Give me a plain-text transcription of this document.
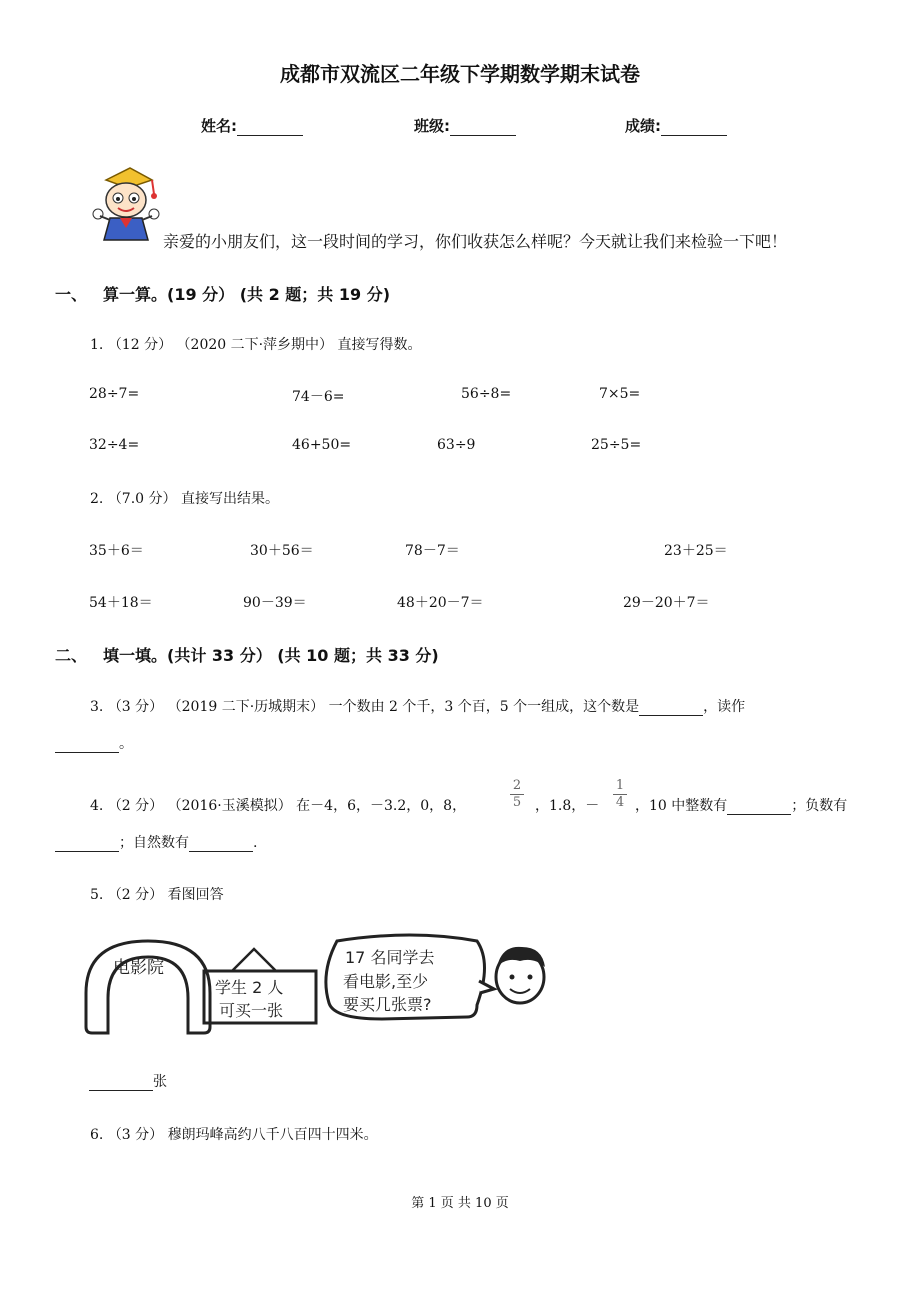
成都市双流区二年级下学期数学期末试卷
姓名:	班级:	成绩:
亲爱的小朋友们，这一段时间的学习，你们收获怎么样呢？今天就让我们来检验一下吧！
一、 算一算。(19 分） (共 2 题；共 19 分)
1. （12 分） （2020 二下·萍乡期中） 直接写得数。
28÷7=	74－6=	56÷8=	7×5=
32÷4=	46+50=	63÷9	25÷5=
2. （7.0 分） 直接写出结果。
35＋6＝	30＋56＝	78－7＝	23＋25＝
54＋18＝	90－39＝	48＋20－7＝	29－20＋7＝
二、 填一填。(共计 33 分） (共 10 题；共 33 分)
3. （3 分） （2019 二下·历城期末） 一个数由 2 个千，3 个百，5 个一组成，这个数是	，读作
。
4. （2 分） （2016·玉溪模拟） 在－4，6，－3.2，0，8，
2
5 ，1.8，－
1
4 ，10 中整数有	；负数有
；自然数有	.
5. （2 分） 看图回答
电影院
学生 2 人
可买一张
17 名同学去
看电影,至少
要买几张票?
张
6. （3 分） 穆朗玛峰高约八千八百四十四米。
第 1 页 共 10 页
